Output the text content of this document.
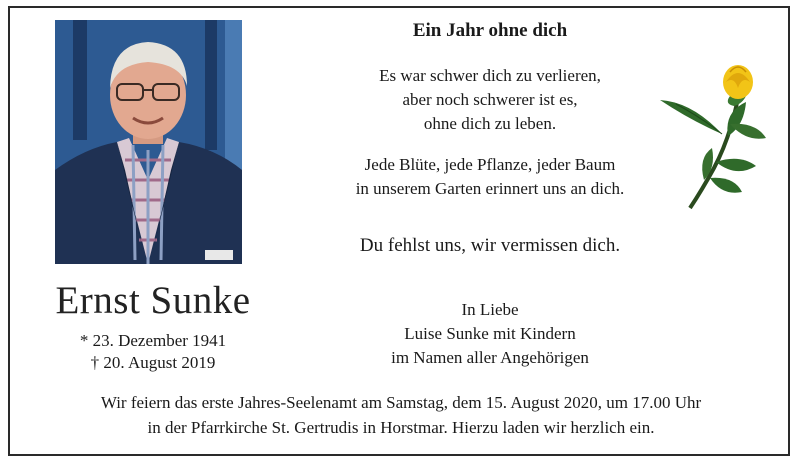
Ernst Sunke
* 23. Dezember 1941
† 20. August 2019
Ein Jahr ohne dich
Es war schwer dich zu verlieren,
aber noch schwerer ist es,
ohne dich zu leben.
Jede Blüte, jede Pflanze, jeder Baum
in unserem Garten erinnert uns an dich.
Du fehlst uns, wir vermissen dich.
In Liebe
Luise Sunke mit Kindern
im Namen aller Angehörigen
Wir feiern das erste Jahres-Seelenamt am Samstag, dem 15. August 2020, um 17.00 Uhr
in der Pfarrkirche St. Gertrudis in Horstmar. Hierzu laden wir herzlich ein.
